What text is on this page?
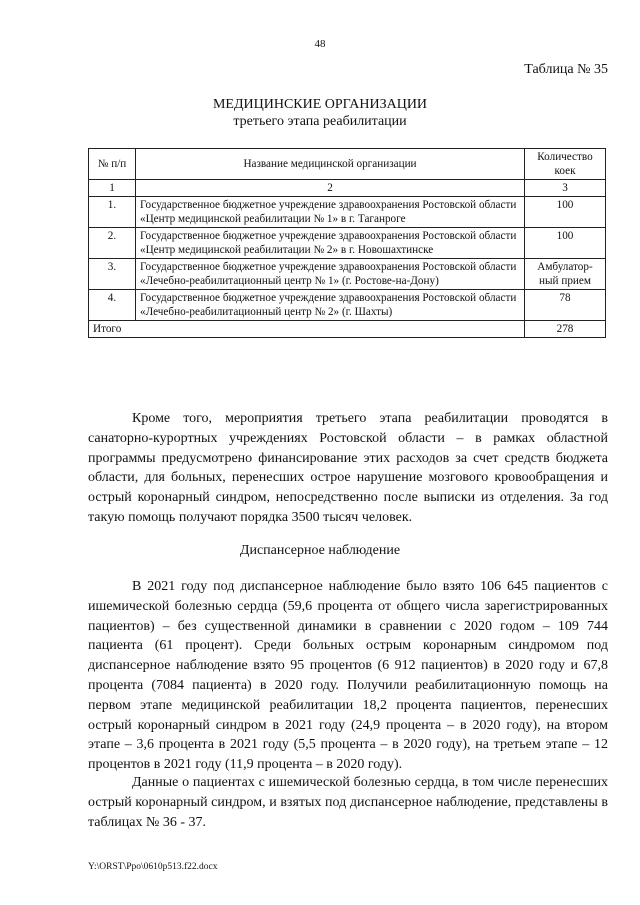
48
Таблица № 35
МЕДИЦИНСКИЕ ОРГАНИЗАЦИИ
третьего этапа реабилитации
№ п/п	Название медицинской организации	Количество коек
1	2	3
1.	Государственное бюджетное учреждение здравоохранения Ростовской области «Центр медицинской реабилитации № 1» в г. Таганроге	100
2.	Государственное бюджетное учреждение здравоохранения Ростовской области «Центр медицинской реабилитации № 2» в г. Новошахтинске	100
3.	Государственное бюджетное учреждение здравоохранения Ростовской области «Лечебно-реабилитационный центр № 1» (г. Ростове-на-Дону)	Амбулатор-ный прием
4.	Государственное бюджетное учреждение здравоохранения Ростовской области «Лечебно-реабилитационный центр № 2» (г. Шахты)	78
Итого		278

Кроме того, мероприятия третьего этапа реабилитации проводятся в санаторно-курортных учреждениях Ростовской области – в рамках областной программы предусмотрено финансирование этих расходов за счет средств бюджета области, для больных, перенесших острое нарушение мозгового кровообращения и острый коронарный синдром, непосредственно после выписки из отделения. За год такую помощь получают порядка 3500 тысяч человек.

Диспансерное наблюдение

В 2021 году под диспансерное наблюдение было взято 106 645 пациентов с ишемической болезнью сердца (59,6 процента от общего числа зарегистрированных пациентов) – без существенной динамики в сравнении с 2020 годом – 109 744 пациента (61 процент). Среди больных острым коронарным синдромом под диспансерное наблюдение взято 95 процентов (6 912 пациентов) в 2020 году и 67,8 процента (7084 пациента) в 2020 году. Получили реабилитационную помощь на первом этапе медицинской реабилитации 18,2 процента пациентов, перенесших острый коронарный синдром в 2021 году (24,9 процента – в 2020 году), на втором этапе – 3,6 процента в 2021 году (5,5 процента – в 2020 году), на третьем этапе – 12 процентов в 2021 году (11,9 процента – в 2020 году).

Данные о пациентах с ишемической болезнью сердца, в том числе перенесших острый коронарный синдром, и взятых под диспансерное наблюдение, представлены в таблицах № 36 - 37.

Y:\ORST\Ppo\0610p513.f22.docx
